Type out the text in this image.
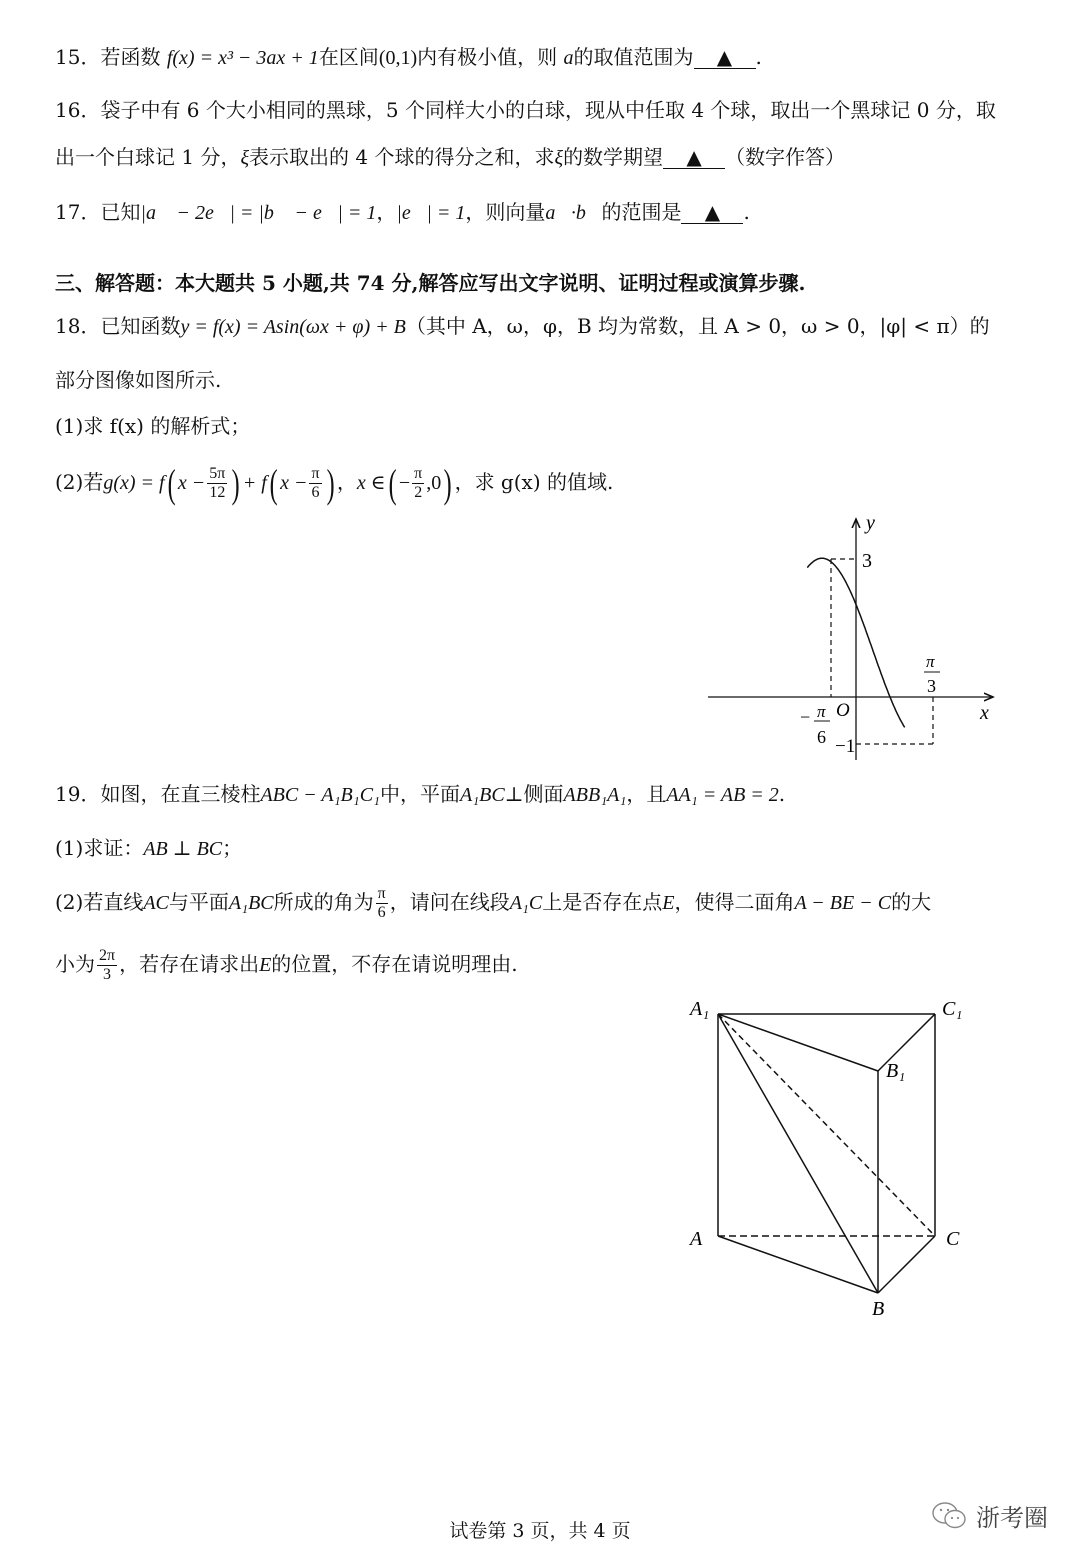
15．若函数 f(x) = x³ − 3ax + 1在区间(0,1)内有极小值，则 a的取值范围为 ▲ .
16．袋子中有 6 个大小相同的黑球，5 个同样大小的白球，现从中任取 4 个球，取出一个黑球记 0 分，取
出一个白球记 1 分，ξ表示取出的 4 个球的得分之和，求ξ的数学期望 ▲ （数字作答）
17．已知|a⃗ − 2e⃗| = |b⃗ − e⃗| = 1，|e⃗| = 1，则向量a⃗·b⃗的范围是 ▲ .
三、解答题：本大题共 5 小题,共 74 分,解答应写出文字说明、证明过程或演算步骤.
18．已知函数y = f(x) = Asin(ωx + φ) + B（其中 A，ω，φ，B 均为常数，且 A > 0，ω > 0，|φ| < π）的
部分图像如图所示.
(1)求 f(x) 的解析式；
(2)若g(x) = f( $x - \frac{5\pi}{12}$ ) + f( $x - \frac{\pi}{6}$ ) ，x ∈( − $\frac{\pi}{2} ,0$) ，求 g(x) 的值域.
y
x
O
3
−1
− π
6
π
3
19．如图，在直三棱柱ABC − A₁B₁C₁中，平面A₁BC⊥侧面ABB₁A₁，且AA₁ = AB = 2.
(1)求证：AB ⊥ BC；
(2)若直线AC与平面A₁BC所成的角为 $\frac{\pi}{6}$ ，请问在线段A₁C上是否存在点E，使得二面角A − BE − C的大
小为 $\frac{2\pi}{3}$ ，若存在请求出E的位置，不存在请说明理由.
A₁	C₁
B₁
A	C
B
试卷第 3 页，共 4 页	浙考圈
